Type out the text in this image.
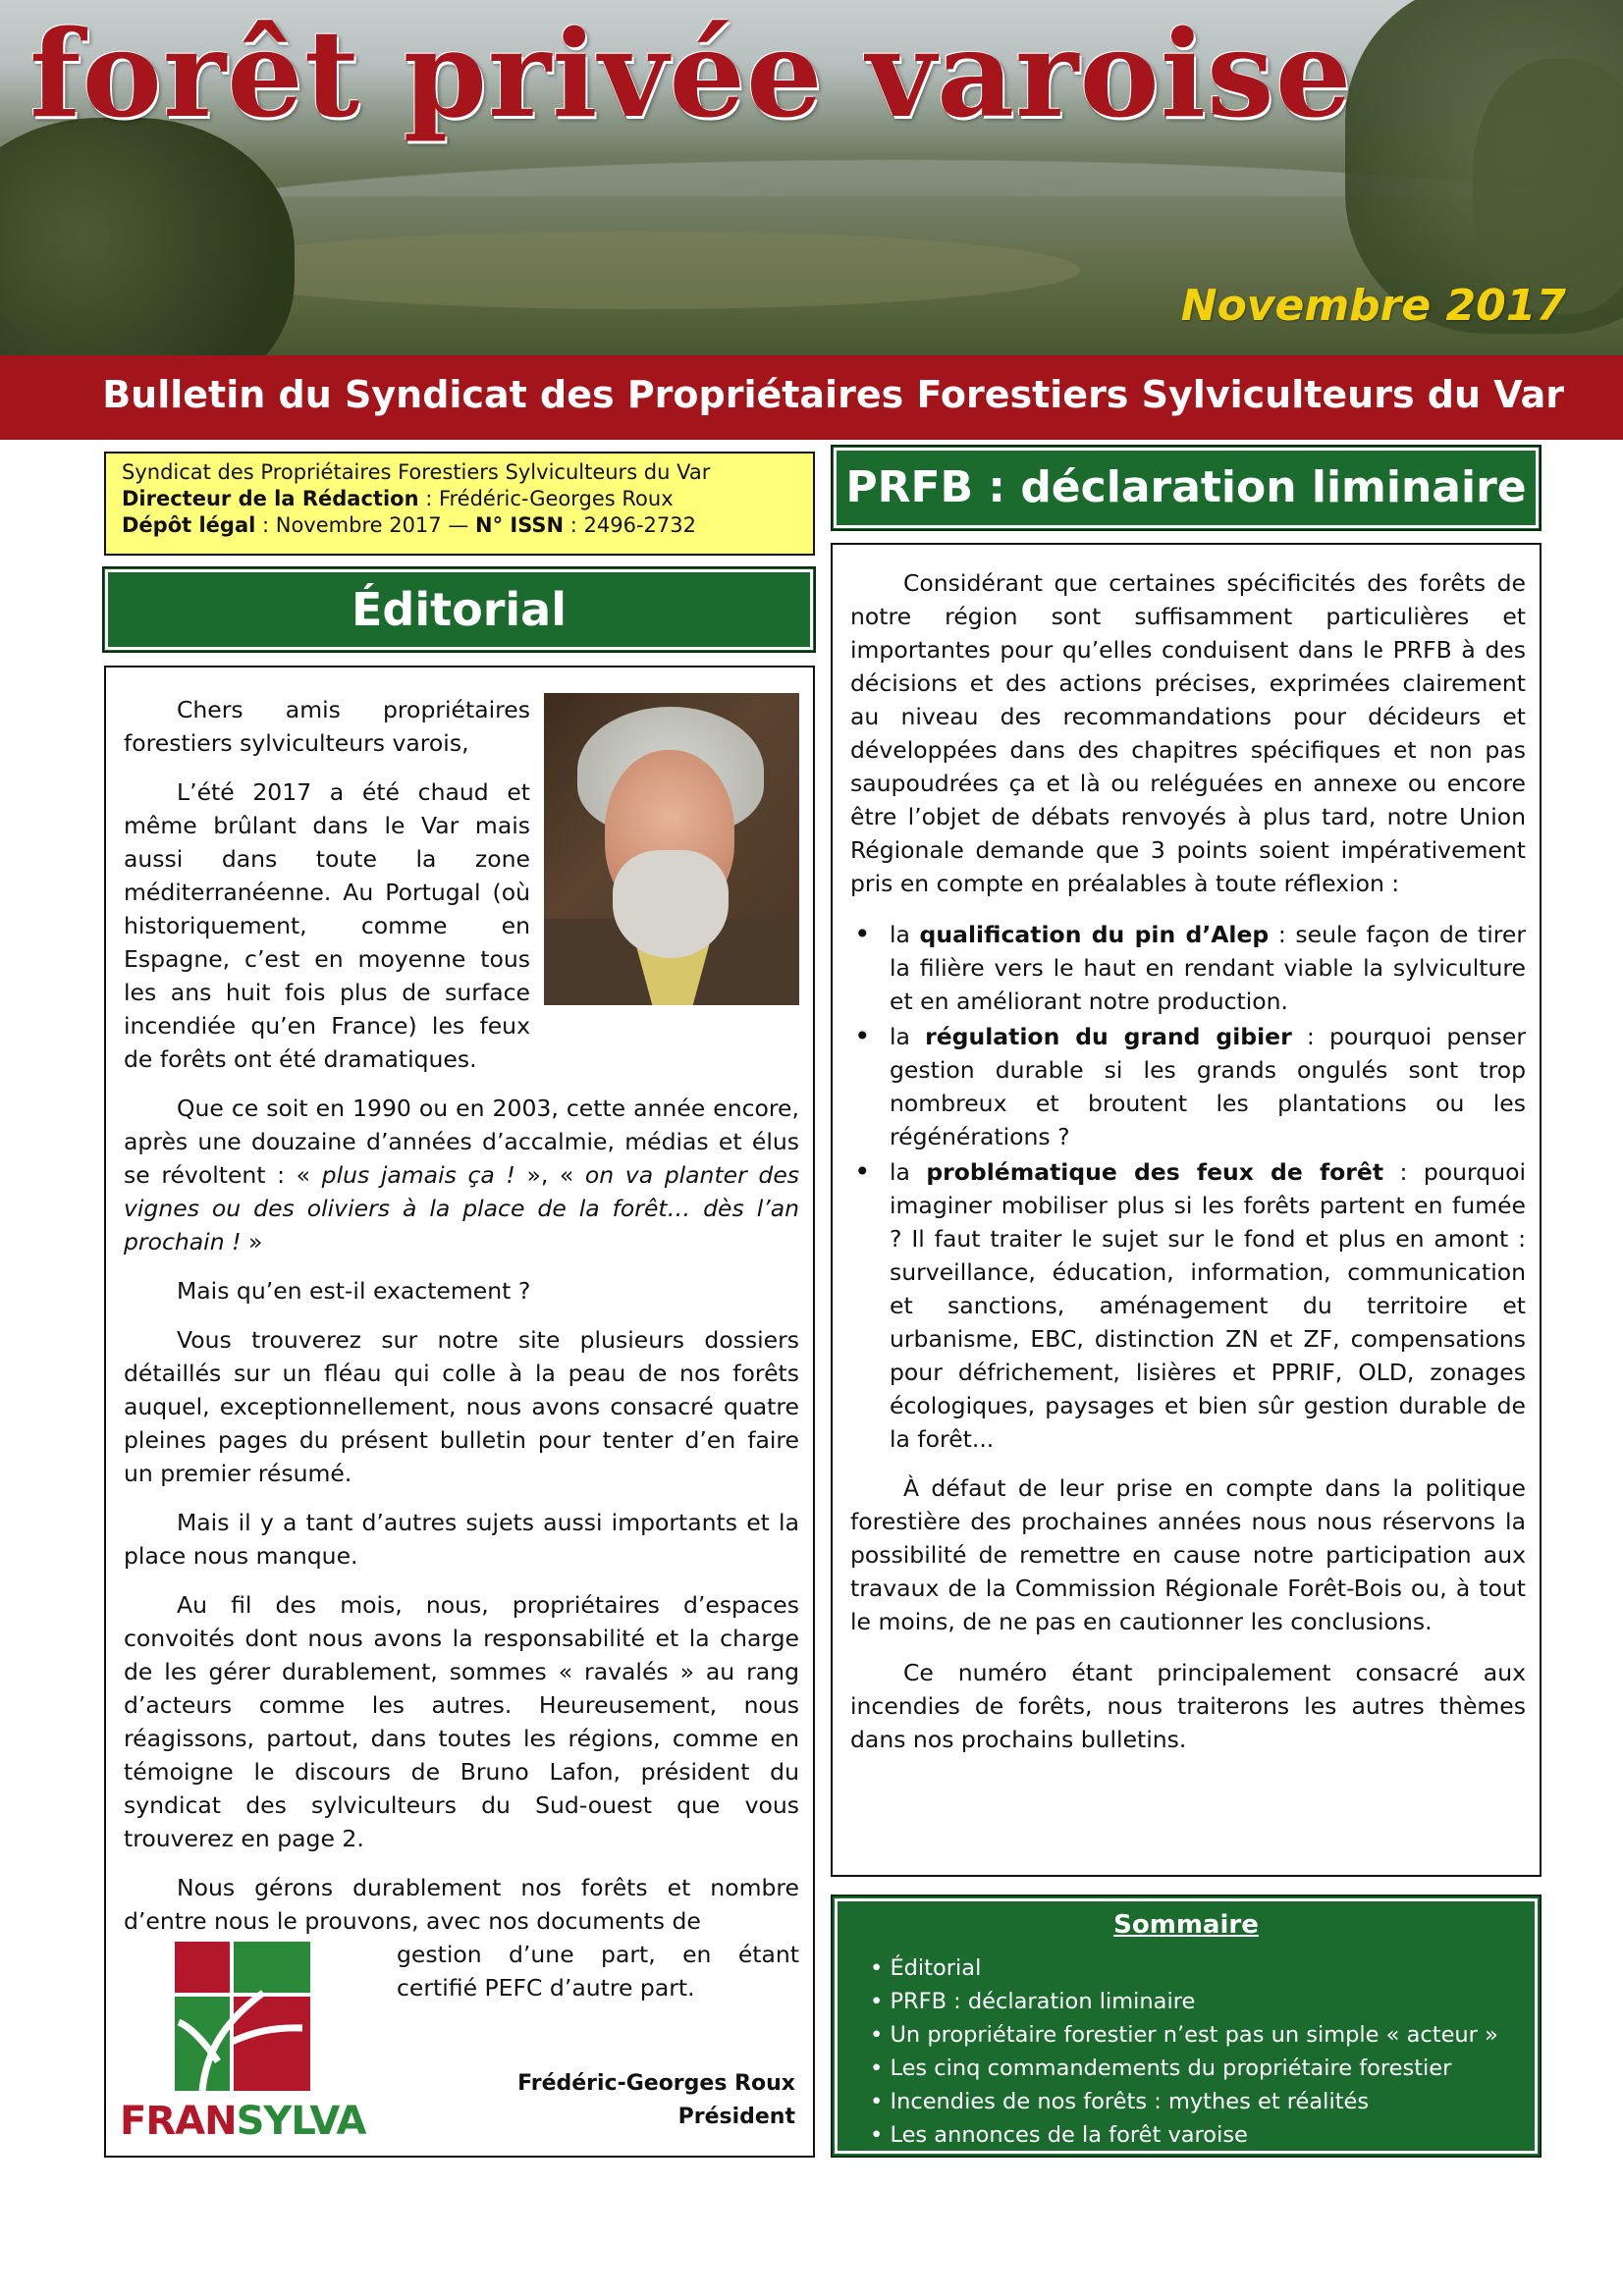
forêt privée varoise
Novembre 2017
Bulletin du Syndicat des Propriétaires Forestiers Sylviculteurs du Var
Syndicat des Propriétaires Forestiers Sylviculteurs du Var
Directeur de la Rédaction : Frédéric-Georges Roux
Dépôt légal : Novembre 2017 — N° ISSN : 2496-2732
Éditorial

Chers amis propriétaires forestiers sylviculteurs varois,

L’été 2017 a été chaud et même brûlant dans le Var mais aussi dans toute la zone méditerranéenne. Au Portugal (où historiquement, comme en Espagne, c’est en moyenne tous les ans huit fois plus de surface incendiée qu’en France) les feux de forêts ont été dramatiques.

Que ce soit en 1990 ou en 2003, cette année encore, après une douzaine d’années d’accalmie, médias et élus se révoltent : « plus jamais ça ! », « on va planter des vignes ou des oliviers à la place de la forêt… dès l’an prochain ! »

Mais qu’en est-il exactement ?

Vous trouverez sur notre site plusieurs dossiers détaillés sur un fléau qui colle à la peau de nos forêts auquel, exceptionnellement, nous avons consacré quatre pleines pages du présent bulletin pour tenter d’en faire un premier résumé.

Mais il y a tant d’autres sujets aussi importants et la place nous manque.

Au fil des mois, nous, propriétaires d’espaces convoités dont nous avons la responsabilité et la charge de les gérer durablement, sommes « ravalés » au rang d’acteurs comme les autres. Heureusement, nous réagissons, partout, dans toutes les régions, comme en témoigne le discours de Bruno Lafon, président du syndicat des sylviculteurs du Sud-ouest que vous trouverez en page 2.

Nous gérons durablement nos forêts et nombre d’entre nous le prouvons, avec nos documents de

gestion d’une part, en étant certifié PEFC d’autre part.

FRANSYLVA
Frédéric-Georges Roux
Président
PRFB : déclaration liminaire

Considérant que certaines spécificités des forêts de notre région sont suffisamment particulières et importantes pour qu’elles conduisent dans le PRFB à des décisions et des actions précises, exprimées clairement au niveau des recommandations pour décideurs et développées dans des chapitres spécifiques et non pas saupoudrées ça et là ou reléguées en annexe ou encore être l’objet de débats renvoyés à plus tard, notre Union Régionale demande que 3 points soient impérativement pris en compte en préalables à toute réflexion :

• la qualification du pin d’Alep : seule façon de tirer la filière vers le haut en rendant viable la sylviculture et en améliorant notre production.
• la régulation du grand gibier : pourquoi penser gestion durable si les grands ongulés sont trop nombreux et broutent les plantations ou les régénérations ?
• la problématique des feux de forêt : pourquoi imaginer mobiliser plus si les forêts partent en fumée ? Il faut traiter le sujet sur le fond et plus en amont : surveillance, éducation, information, communication et sanctions, aménagement du territoire et urbanisme, EBC, distinction ZN et ZF, compensations pour défrichement, lisières et PPRIF, OLD, zonages écologiques, paysages et bien sûr gestion durable de la forêt...

À défaut de leur prise en compte dans la politique forestière des prochaines années nous nous réservons la possibilité de remettre en cause notre participation aux travaux de la Commission Régionale Forêt-Bois ou, à tout le moins, de ne pas en cautionner les conclusions.

Ce numéro étant principalement consacré aux incendies de forêts, nous traiterons les autres thèmes dans nos prochains bulletins.

Sommaire
• Éditorial
• PRFB : déclaration liminaire
• Un propriétaire forestier n’est pas un simple « acteur »
• Les cinq commandements du propriétaire forestier
• Incendies de nos forêts : mythes et réalités
• Les annonces de la forêt varoise
